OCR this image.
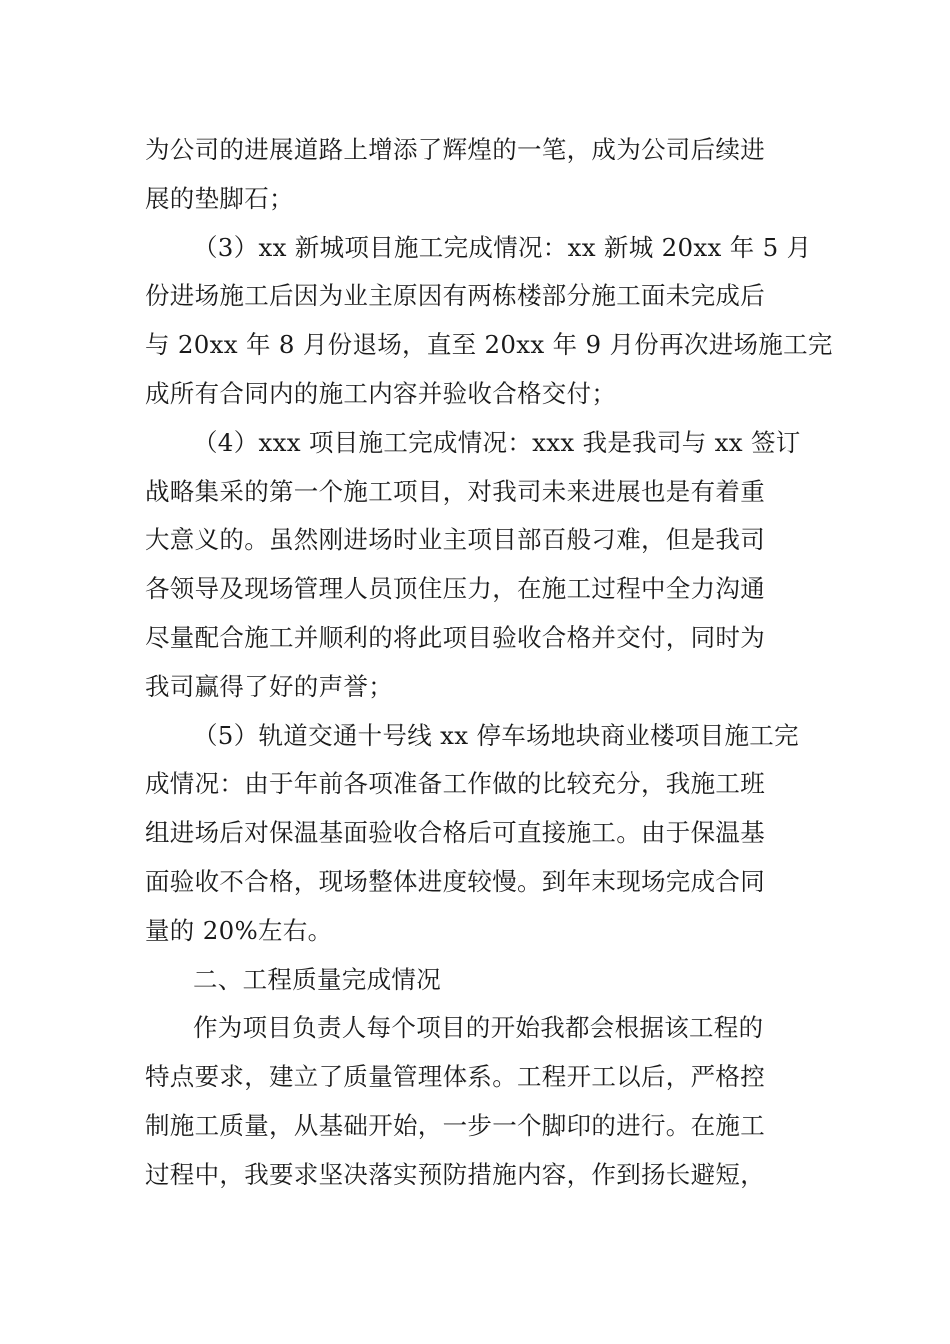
为公司的进展道路上增添了辉煌的一笔，成为公司后续进
展的垫脚石；
（3）xx 新城项目施工完成情况：xx 新城 20xx 年 5 月
份进场施工后因为业主原因有两栋楼部分施工面未完成后
与 20xx 年 8 月份退场，直至 20xx 年 9 月份再次进场施工完
成所有合同内的施工内容并验收合格交付；
（4）xxx 项目施工完成情况：xxx 我是我司与 xx 签订
战略集采的第一个施工项目，对我司未来进展也是有着重
大意义的。虽然刚进场时业主项目部百般刁难，但是我司
各领导及现场管理人员顶住压力，在施工过程中全力沟通
尽量配合施工并顺利的将此项目验收合格并交付，同时为
我司赢得了好的声誉；
（5）轨道交通十号线 xx 停车场地块商业楼项目施工完
成情况：由于年前各项准备工作做的比较充分，我施工班
组进场后对保温基面验收合格后可直接施工。由于保温基
面验收不合格，现场整体进度较慢。到年末现场完成合同
量的 20%左右。
二、工程质量完成情况
作为项目负责人每个项目的开始我都会根据该工程的
特点要求，建立了质量管理体系。工程开工以后，严格控
制施工质量，从基础开始，一步一个脚印的进行。在施工
过程中，我要求坚决落实预防措施内容，作到扬长避短，
